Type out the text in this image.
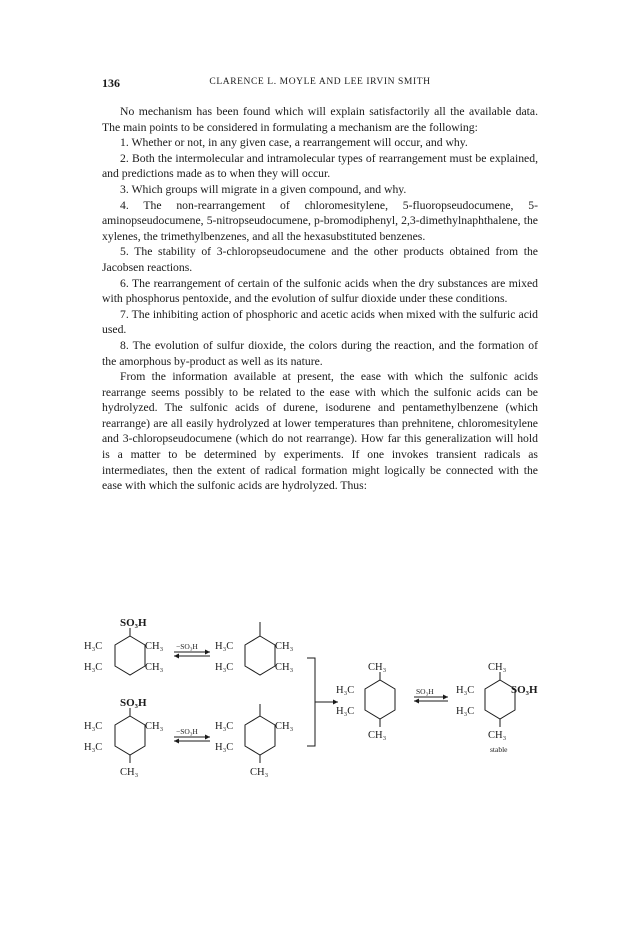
136	CLARENCE L. MOYLE AND LEE IRVIN SMITH

No mechanism has been found which will explain satisfactorily all the available data. The main points to be considered in formulating a mechanism are the following:

1. Whether or not, in any given case, a rearrangement will occur, and why.

2. Both the intermolecular and intramolecular types of rearrangement must be explained, and predictions made as to when they will occur.

3. Which groups will migrate in a given compound, and why.

4. The non-rearrangement of chloromesitylene, 5-fluoropseudocumene, 5-aminopseudocumene, 5-nitropseudocumene, p-bromodiphenyl, 2,3-dimethylnaphthalene, the xylenes, the trimethylbenzenes, and all the hexasubstituted benzenes.

5. The stability of 3-chloropseudocumene and the other products obtained from the Jacobsen reactions.

6. The rearrangement of certain of the sulfonic acids when the dry substances are mixed with phosphorus pentoxide, and the evolution of sulfur dioxide under these conditions.

7. The inhibiting action of phosphoric and acetic acids when mixed with the sulfuric acid used.

8. The evolution of sulfur dioxide, the colors during the reaction, and the formation of the amorphous by-product as well as its nature.

From the information available at present, the ease with which the sulfonic acids rearrange seems possibly to be related to the ease with which the sulfonic acids can be hydrolyzed. The sulfonic acids of durene, isodurene and pentamethylbenzene (which rearrange) are all easily hydrolyzed at lower temperatures than prehnitene, chloromesitylene and 3-chloropseudocumene (which do not rearrange). How far this generalization will hold is a matter to be determined by experiments. If one invokes transient radicals as intermediates, then the extent of radical formation might logically be connected with the ease with which the sulfonic acids are hydrolyzed. Thus:

SO₃H
H₃C	CH₃
H₃C	CH₃
−SO₃H H₃C	CH₃
H₃C	CH₃
SO₃H
H₃C	CH₃
H₃C
CH₃
−SO₃H H₃C	CH₃
H₃C
CH₃
CH₃
H₃C
H₃C
CH₃
SO₃H
CH₃
H₃C	SO₃H
H₃C
CH₃
stable
